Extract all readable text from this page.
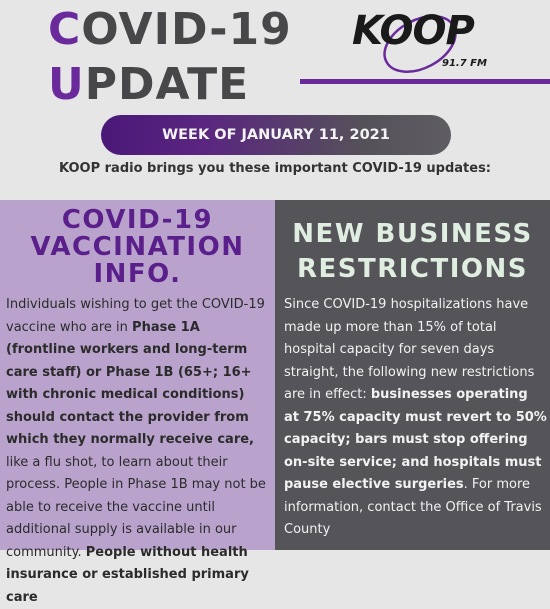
COVID-19
UPDATE
KOOP
91.7 FM
WEEK OF JANUARY 11, 2021
KOOP radio brings you these important COVID-19 updates:
COVID-19
VACCINATION
INFO.
Individuals wishing to get the COVID-19 vaccine who are in Phase 1A (frontline workers and long-term care staff) or Phase 1B (65+; 16+ with chronic medical conditions) should contact the provider from which they normally receive care, like a flu shot, to learn about their process. People in Phase 1B may not be able to receive the vaccine until additional supply is available in our community. People without health insurance or established primary care
NEW BUSINESS
RESTRICTIONS
Since COVID-19 hospitalizations have made up more than 15% of total hospital capacity for seven days straight, the following new restrictions are in effect: businesses operating at 75% capacity must revert to 50% capacity; bars must stop offering on-site service; and hospitals must pause elective surgeries. For more information, contact the Office of Travis County
